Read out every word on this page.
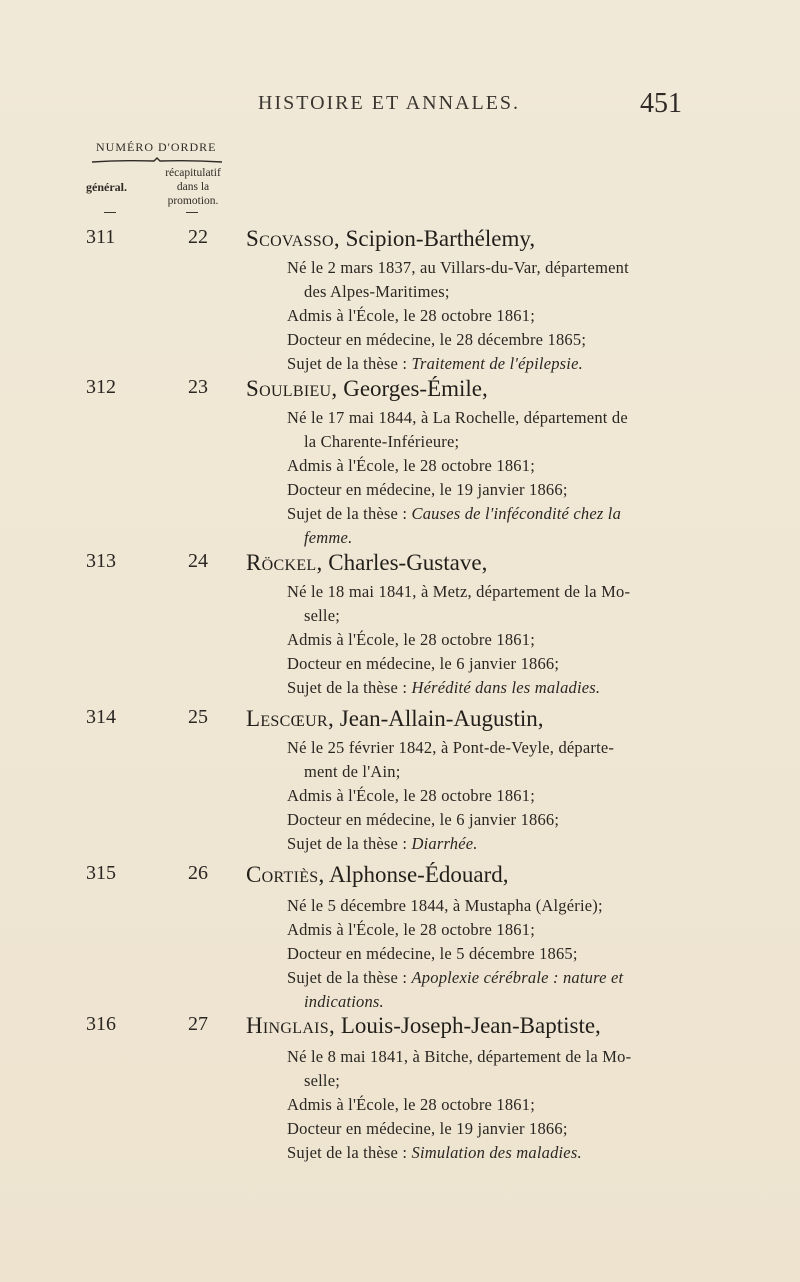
HISTOIRE ET ANNALES.	451
NUMÉRO D'ORDRE
général.
récapitulatif
dans la
promotion.
311	22 Scovasso, Scipion-Barthélemy,
Né le 2 mars 1837, au Villars-du-Var, département
des Alpes-Maritimes;
Admis à l'École, le 28 octobre 1861;
Docteur en médecine, le 28 décembre 1865;
Sujet de la thèse : Traitement de l'épilepsie.
312	23 Soulbieu, Georges-Émile,
Né le 17 mai 1844, à La Rochelle, département de
la Charente-Inférieure;
Admis à l'École, le 28 octobre 1861;
Docteur en médecine, le 19 janvier 1866;
Sujet de la thèse : Causes de l'infécondité chez la
femme.
313	24 Röckel, Charles-Gustave,
Né le 18 mai 1841, à Metz, département de la Mo-
selle;
Admis à l'École, le 28 octobre 1861;
Docteur en médecine, le 6 janvier 1866;
Sujet de la thèse : Hérédité dans les maladies.
314	25 Lescœur, Jean-Allain-Augustin,
Né le 25 février 1842, à Pont-de-Veyle, départe-
ment de l'Ain;
Admis à l'École, le 28 octobre 1861;
Docteur en médecine, le 6 janvier 1866;
Sujet de la thèse : Diarrhée.
315	26 Cortiès, Alphonse-Édouard,
Né le 5 décembre 1844, à Mustapha (Algérie);
Admis à l'École, le 28 octobre 1861;
Docteur en médecine, le 5 décembre 1865;
Sujet de la thèse : Apoplexie cérébrale : nature et
indications.
316	27 Hinglais, Louis-Joseph-Jean-Baptiste,
Né le 8 mai 1841, à Bitche, département de la Mo-
selle;
Admis à l'École, le 28 octobre 1861;
Docteur en médecine, le 19 janvier 1866;
Sujet de la thèse : Simulation des maladies.
